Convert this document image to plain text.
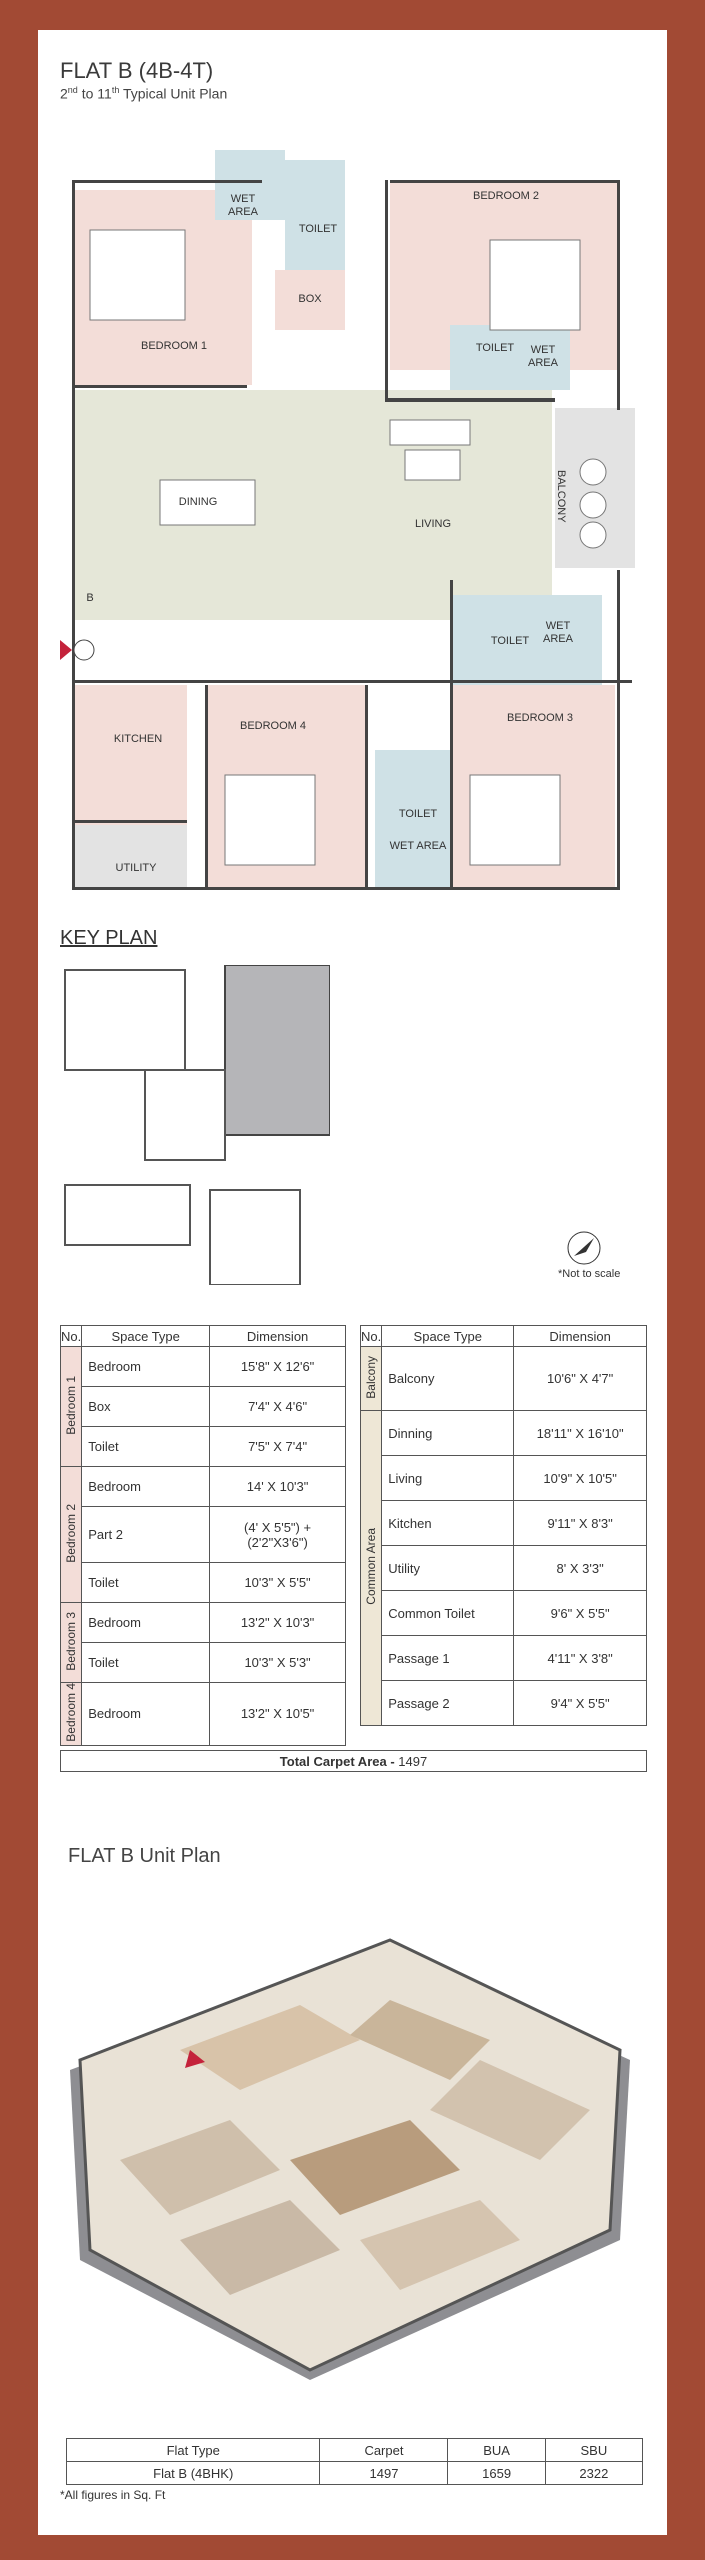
FLAT B (4B-4T)
2nd to 11th Typical Unit Plan
BEDROOM 1
WET AREA
TOILET
BOX
BEDROOM 2
TOILET	WET AREA
DINING
LIVING
BALCONY
B
WET AREA
TOILET
BEDROOM 4
BEDROOM 3
KITCHEN
TOILET
WET AREA
UTILITY
KEY PLAN
*Not to scale
No.	Space Type	Dimension
Bedroom 1	Bedroom	15'8" X 12'6"
	Box	7'4" X 4'6"
	Toilet	7'5" X 7'4"
Bedroom 2	Bedroom	14' X 10'3"
	Part 2	(4' X 5'5") +
(2'2"X3'6")
	Toilet	10'3" X 5'5"
Bedroom 3	Bedroom	13'2" X 10'3"
	Toilet	10'3" X 5'3"
Bedroom 4	Bedroom	13'2" X 10'5"
No.	Space Type	Dimension
Balcony	Balcony	10'6" X 4'7"
Common Area	Dinning	18'11" X 16'10"
	Living	10'9" X 10'5"
	Kitchen	9'11" X 8'3"
	Utility	8' X 3'3"
	Common Toilet	9'6" X 5'5"
	Passage 1	4'11" X 3'8"
	Passage 2	9'4" X 5'5"
Total Carpet Area - 1497
FLAT B Unit Plan
Flat Type	Carpet	BUA	SBU
Flat B (4BHK)	1497	1659	2322
*All figures in Sq. Ft
